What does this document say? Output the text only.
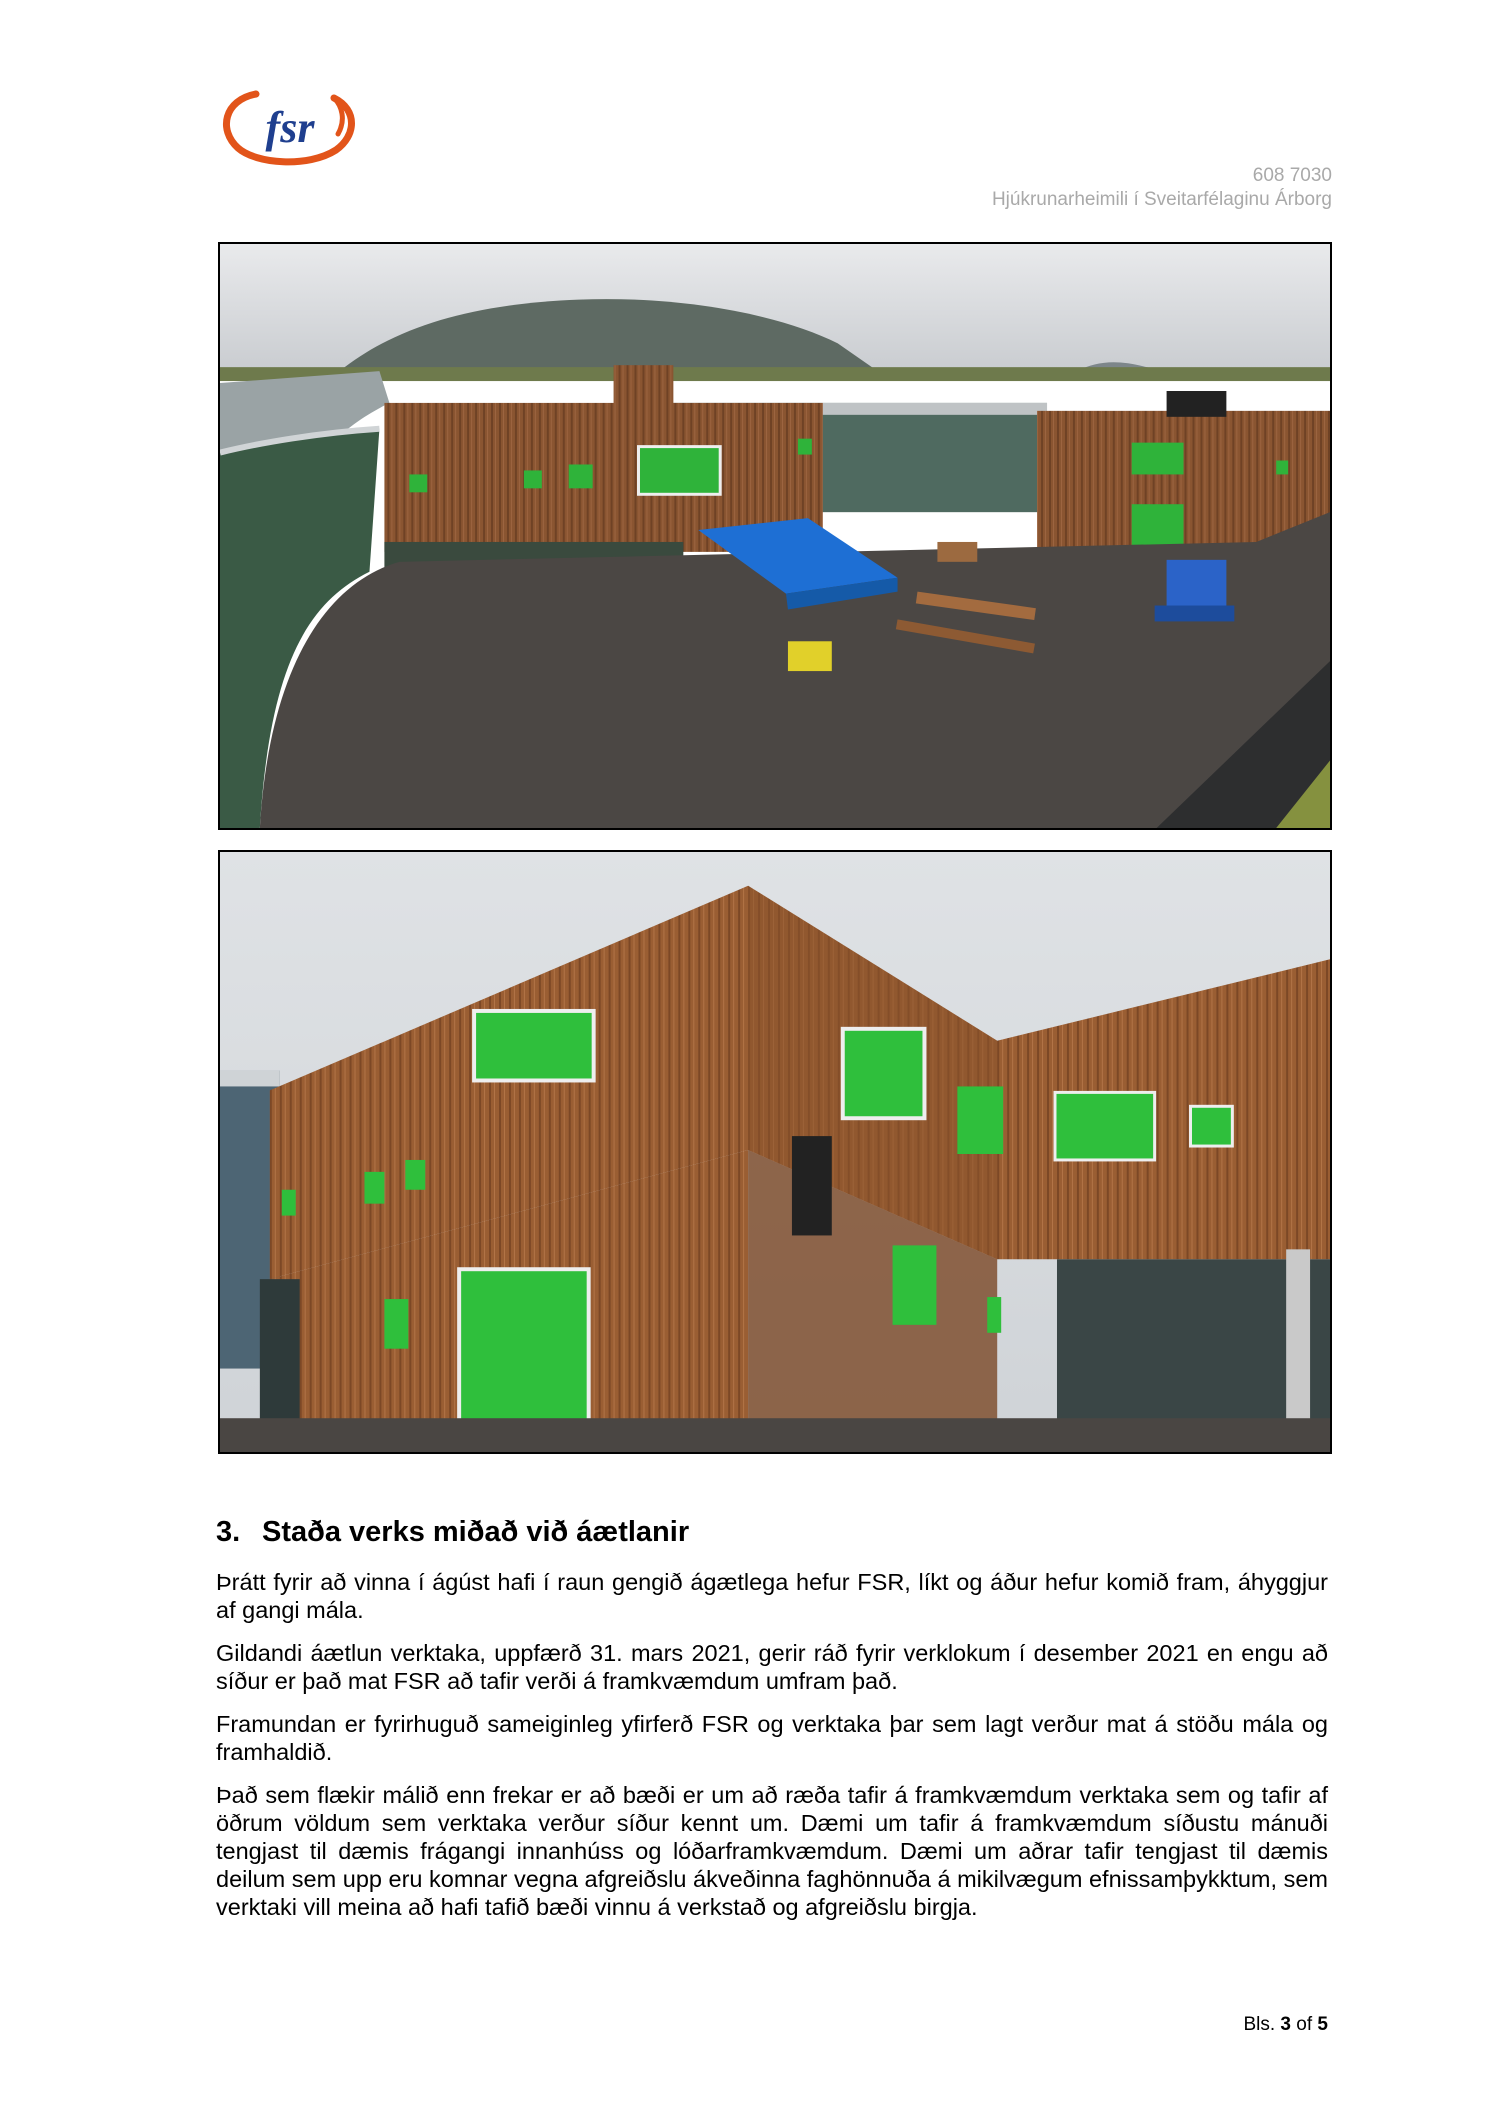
fsr
608 7030
Hjúkrunarheimili í Sveitarfélaginu Árborg
3. Staða verks miðað við áætlanir

Þrátt fyrir að vinna í ágúst hafi í raun gengið ágætlega hefur FSR, líkt og áður hefur komið fram, áhyggjur af gangi mála.

Gildandi áætlun verktaka, uppfærð 31. mars 2021, gerir ráð fyrir verklokum í desember 2021 en engu að síður er það mat FSR að tafir verði á framkvæmdum umfram það.

Framundan er fyrirhuguð sameiginleg yfirferð FSR og verktaka þar sem lagt verður mat á stöðu mála og framhaldið.

Það sem flækir málið enn frekar er að bæði er um að ræða tafir á framkvæmdum verktaka sem og tafir af öðrum völdum sem verktaka verður síður kennt um. Dæmi um tafir á framkvæmdum síðustu mánuði tengjast til dæmis frágangi innanhúss og lóðarframkvæmdum. Dæmi um aðrar tafir tengjast til dæmis deilum sem upp eru komnar vegna afgreiðslu ákveðinna faghönnuða á mikilvægum efnissamþykktum, sem verktaki vill meina að hafi tafið bæði vinnu á verkstað og afgreiðslu birgja.

Bls. 3 of 5
